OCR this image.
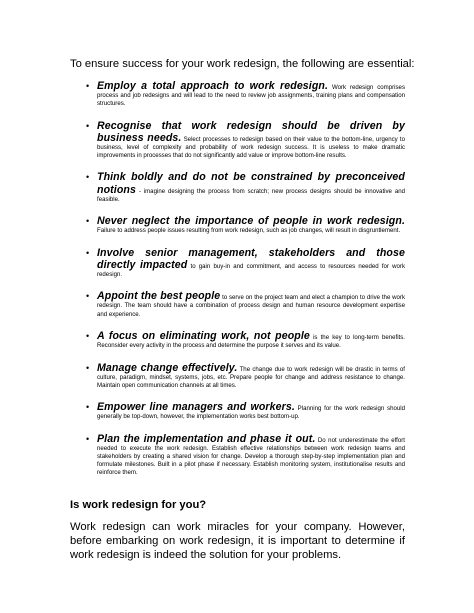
To ensure success for your work redesign, the following are essential:
• Employ a total approach to work redesign. Work redesign comprises process and job redesigns and will lead to the need to review job assignments, training plans and compensation structures.
• Recognise that work redesign should be driven by business needs. Select processes to redesign based on their value to the bottom-line, urgency to business, level of complexity and probability of work redesign success. It is useless to make dramatic improvements in processes that do not significantly add value or improve bottom-line results.
• Think boldly and do not be constrained by preconceived notions - imagine designing the process from scratch; new process designs should be innovative and feasible.
• Never neglect the importance of people in work redesign. Failure to address people issues resulting from work redesign, such as job changes, will result in disgruntlement.
• Involve senior management, stakeholders and those directly impacted to gain buy-in and commitment, and access to resources needed for work redesign.
• Appoint the best people to serve on the project team and elect a champion to drive the work redesign. The team should have a combination of process design and human resource development expertise and experience.
• A focus on eliminating work, not people is the key to long-term benefits. Reconsider every activity in the process and determine the purpose it serves and its value.
• Manage change effectively. The change due to work redesign will be drastic in terms of culture, paradigm, mindset, systems, jobs, etc. Prepare people for change and address resistance to change. Maintain open communication channels at all times.
• Empower line managers and workers. Planning for the work redesign should generally be top-down, however, the implementation works best bottom-up.
• Plan the implementation and phase it out. Do not underestimate the effort needed to execute the work redesign. Establish effective relationships between work redesign teams and stakeholders by creating a shared vision for change. Develop a thorough step-by-step implementation plan and formulate milestones. Built in a pilot phase if necessary. Establish monitoring system, institutionalise results and reinforce them.
Is work redesign for you?
Work redesign can work miracles for your company. However, before embarking on work redesign, it is important to determine if work redesign is indeed the solution for your problems.
